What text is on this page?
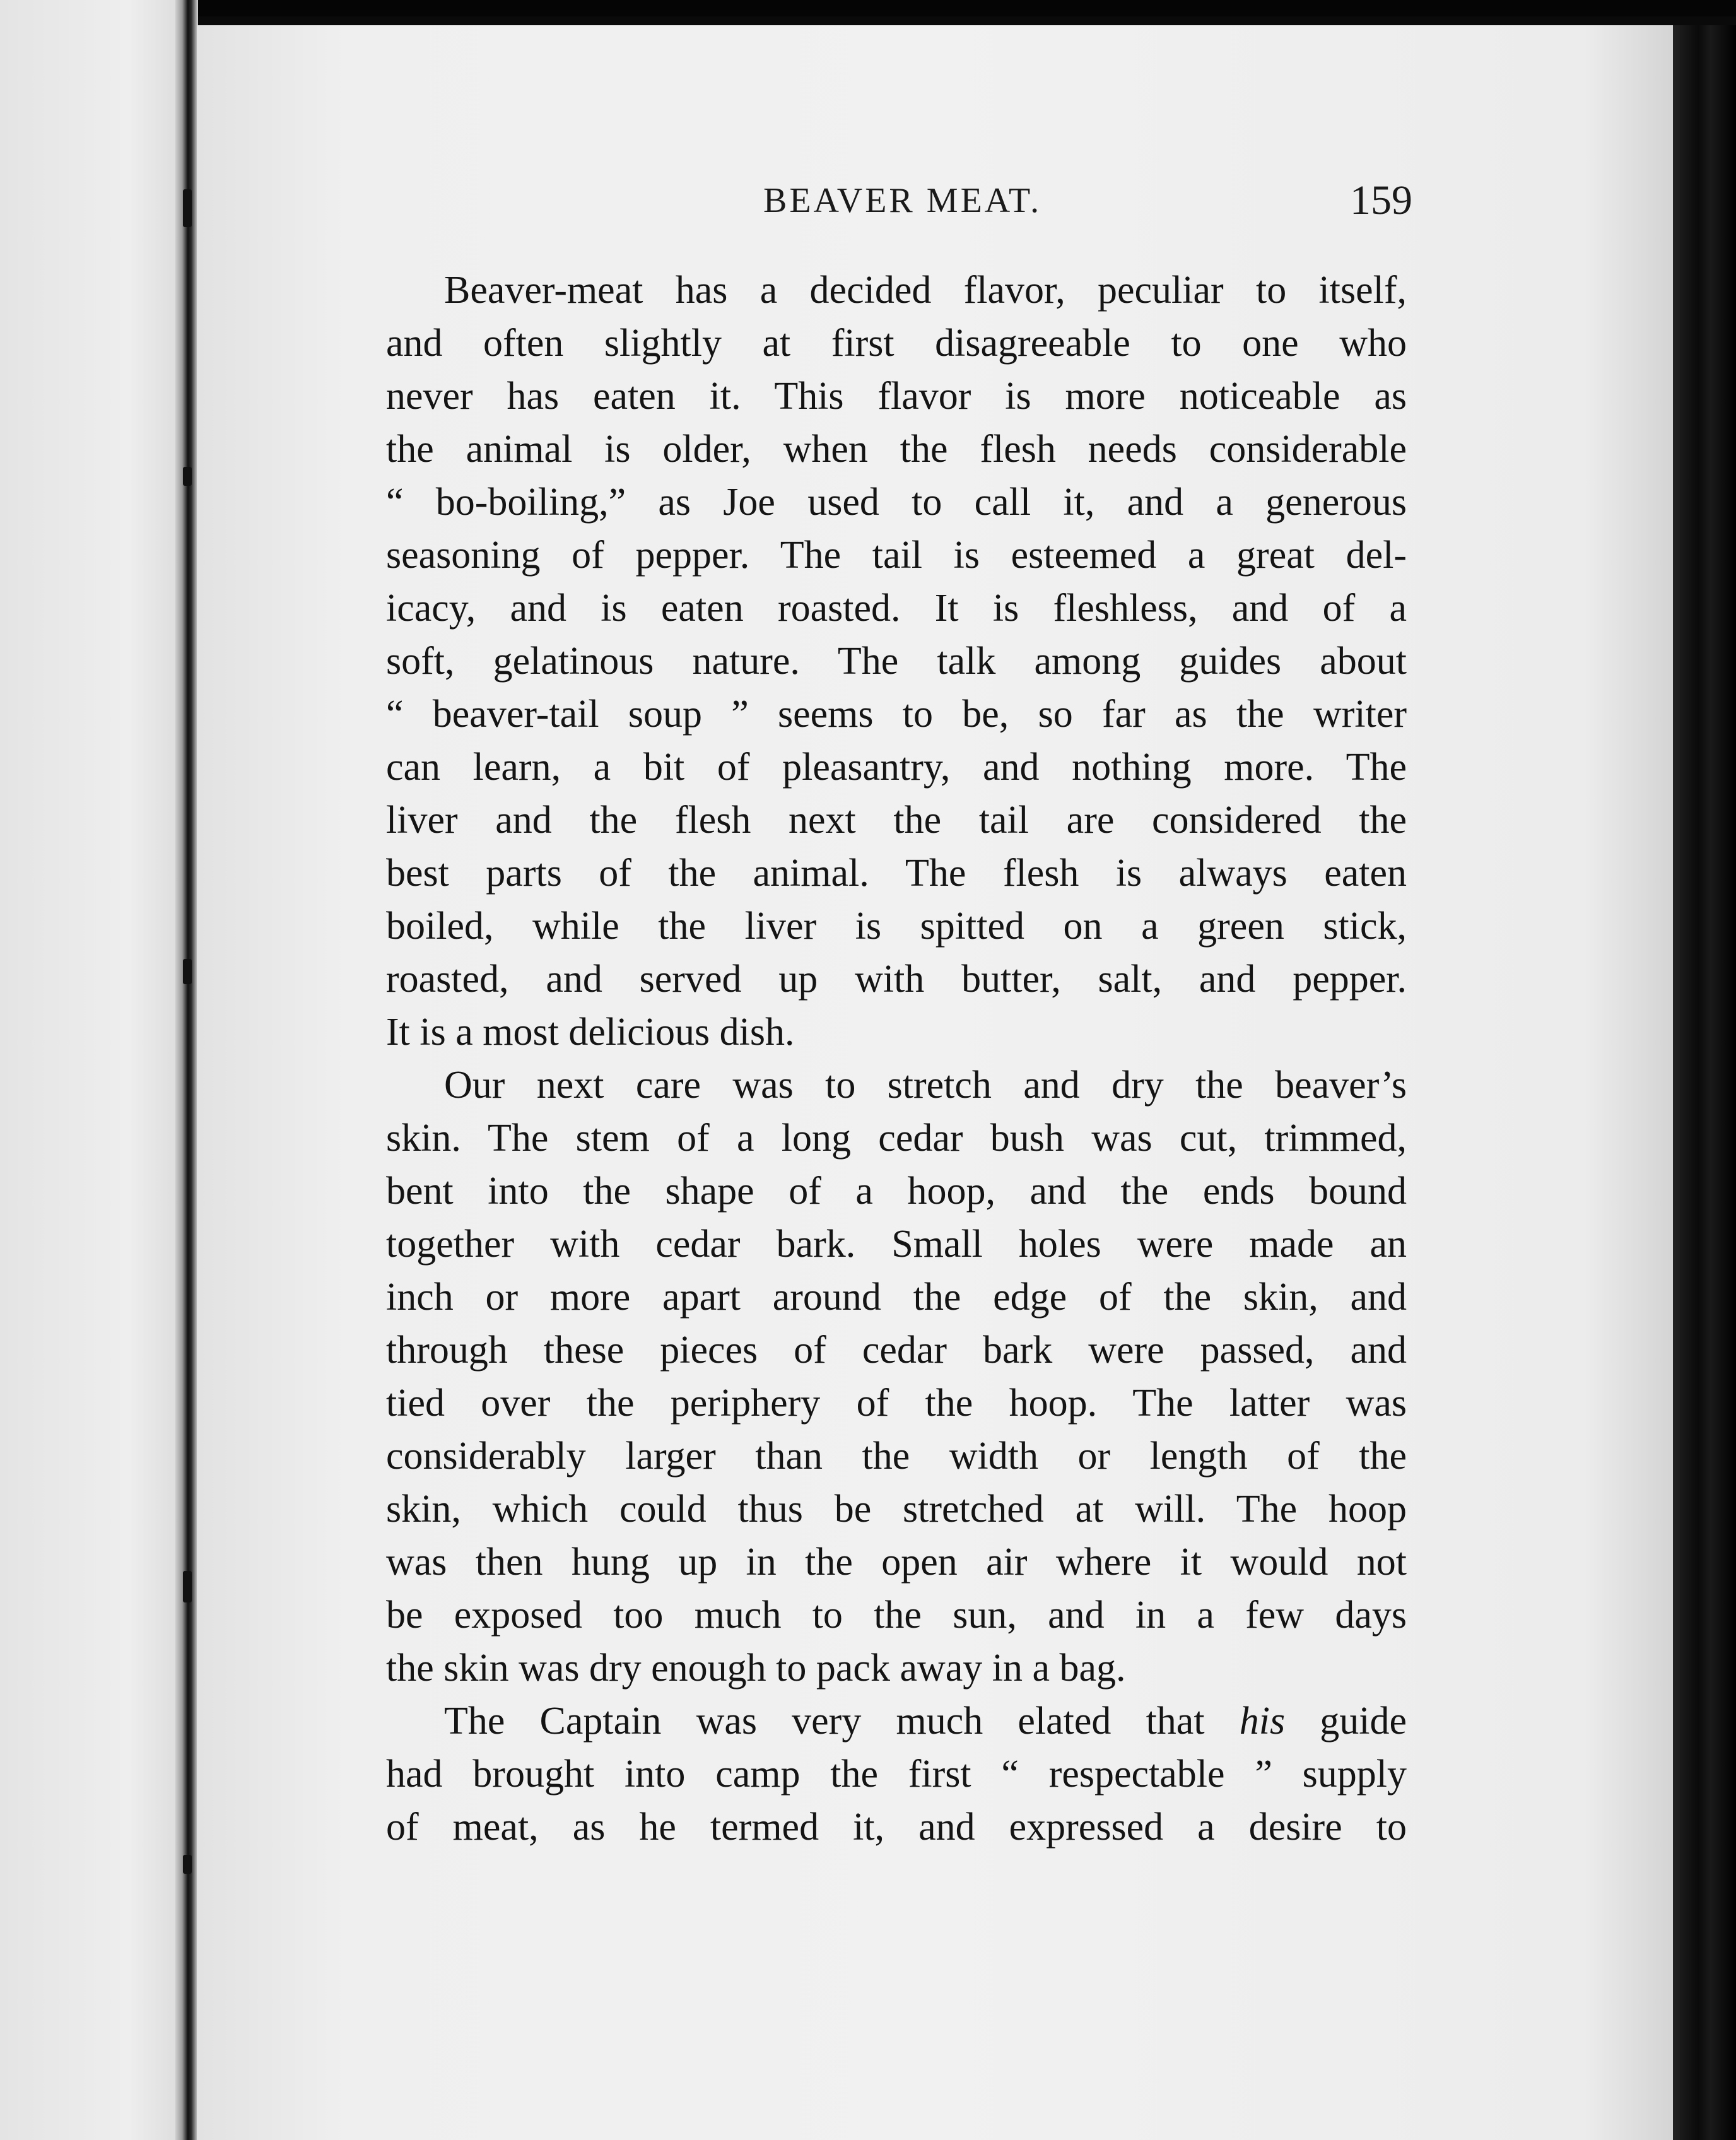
BEAVER MEAT.	159
Beaver-meat has a decided flavor, peculiar to itself,
and often slightly at first disagreeable to one who
never has eaten it. This flavor is more noticeable as
the animal is older, when the flesh needs considerable
“ bo-boiling,” as Joe used to call it, and a generous
seasoning of pepper. The tail is esteemed a great del-
icacy, and is eaten roasted. It is fleshless, and of a
soft, gelatinous nature. The talk among guides about
“ beaver-tail soup ” seems to be, so far as the writer
can learn, a bit of pleasantry, and nothing more. The
liver and the flesh next the tail are considered the
best parts of the animal. The flesh is always eaten
boiled, while the liver is spitted on a green stick,
roasted, and served up with butter, salt, and pepper.
It is a most delicious dish.
Our next care was to stretch and dry the beaver’s
skin. The stem of a long cedar bush was cut, trimmed,
bent into the shape of a hoop, and the ends bound
together with cedar bark. Small holes were made an
inch or more apart around the edge of the skin, and
through these pieces of cedar bark were passed, and
tied over the periphery of the hoop. The latter was
considerably larger than the width or length of the
skin, which could thus be stretched at will. The hoop
was then hung up in the open air where it would not
be exposed too much to the sun, and in a few days
the skin was dry enough to pack away in a bag.
The Captain was very much elated that his guide
had brought into camp the first “ respectable ” supply
of meat, as he termed it, and expressed a desire to
